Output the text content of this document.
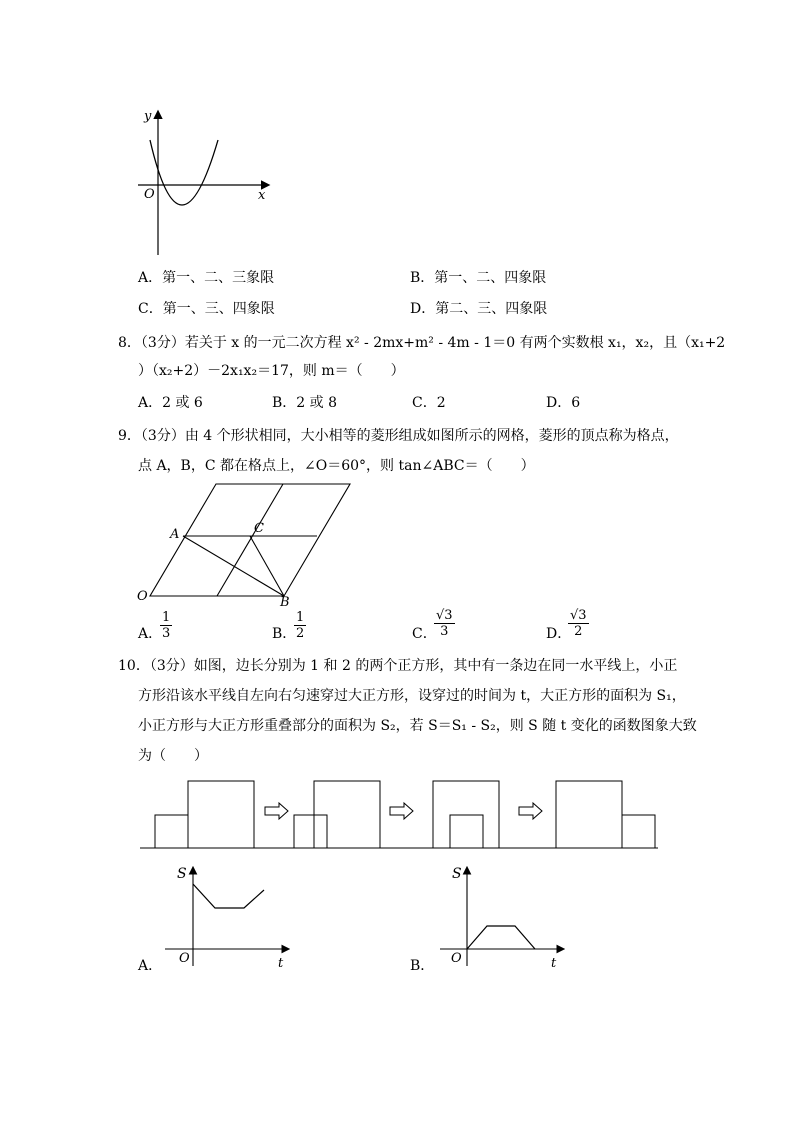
y
x
O
A．第一、二、三象限	B．第一、二、四象限
C．第一、三、四象限	D．第二、三、四象限
8．（3分）若关于 x 的一元二次方程 x² - 2mx+m² - 4m - 1＝0 有两个实数根 x₁，x₂，且（x₁+2
）（x₂+2）－2x₁x₂＝17，则 m＝（　　）
A．2 或 6	B．2 或 8	C．2	D．6
9．（3分）由 4 个形状相同，大小相等的菱形组成如图所示的网格，菱形的顶点称为格点，
点 A，B，C 都在格点上，∠O＝60°，则 tan∠ABC＝（　　）
A	C
O	B
A．
$\frac{1}{3}$	B．
$\frac{1}{2}$	C．
$\frac{√3}{3}$	D．
$\frac{√3}{2}$
10．（3分）如图，边长分别为 1 和 2 的两个正方形，其中有一条边在同一水平线上，小正
方形沿该水平线自左向右匀速穿过大正方形，设穿过的时间为 t，大正方形的面积为 S₁，
小正方形与大正方形重叠部分的面积为 S₂，若 S＝S₁ - S₂，则 S 随 t 变化的函数图象大致
为（　　）
A．
S
O	t	B．
S
O	t
